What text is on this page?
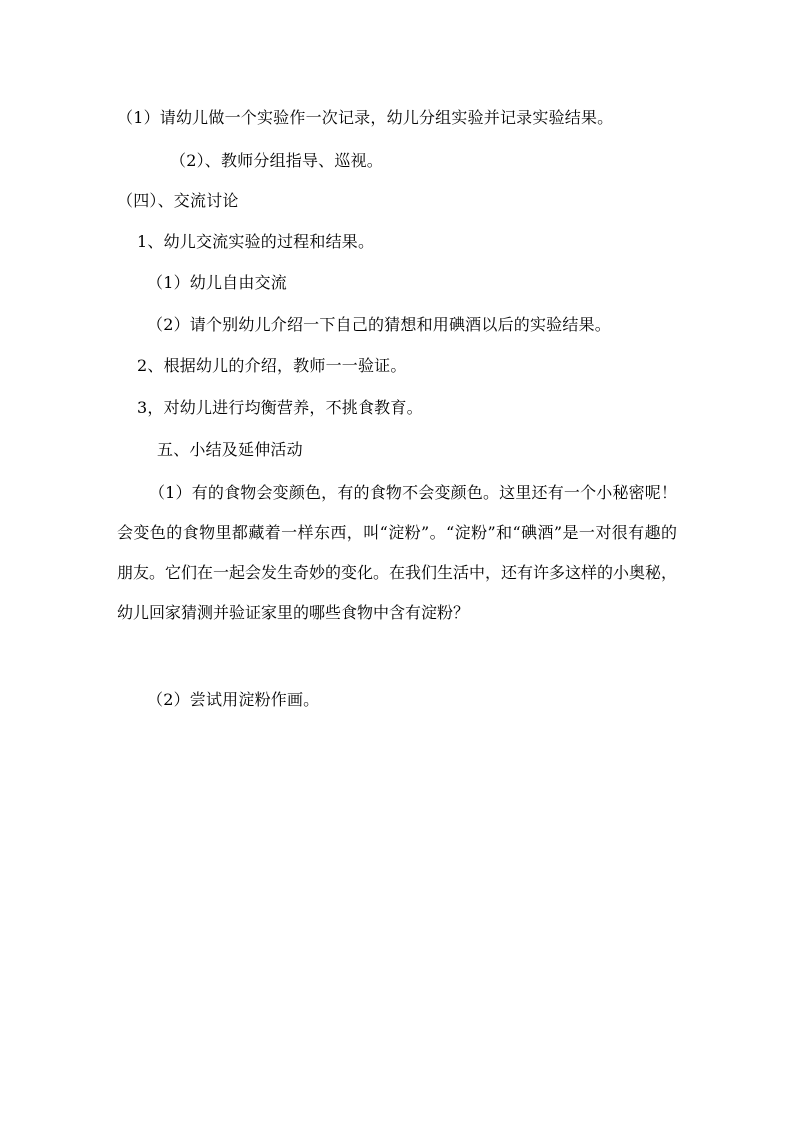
（1）请幼儿做一个实验作一次记录，幼儿分组实验并记录实验结果。
（2）、教师分组指导、巡视。
（四）、交流讨论
1、幼儿交流实验的过程和结果。
（1）幼儿自由交流
（2）请个别幼儿介绍一下自己的猜想和用碘酒以后的实验结果。
2、根据幼儿的介绍，教师一一验证。
3，对幼儿进行均衡营养，不挑食教育。
五、小结及延伸活动
（1）有的食物会变颜色，有的食物不会变颜色。这里还有一个小秘密呢！会变色的食物里都藏着一样东西，叫“淀粉”。“淀粉”和“碘酒”是一对很有趣的朋友。它们在一起会发生奇妙的变化。在我们生活中，还有许多这样的小奥秘，幼儿回家猜测并验证家里的哪些食物中含有淀粉？
（2）尝试用淀粉作画。
